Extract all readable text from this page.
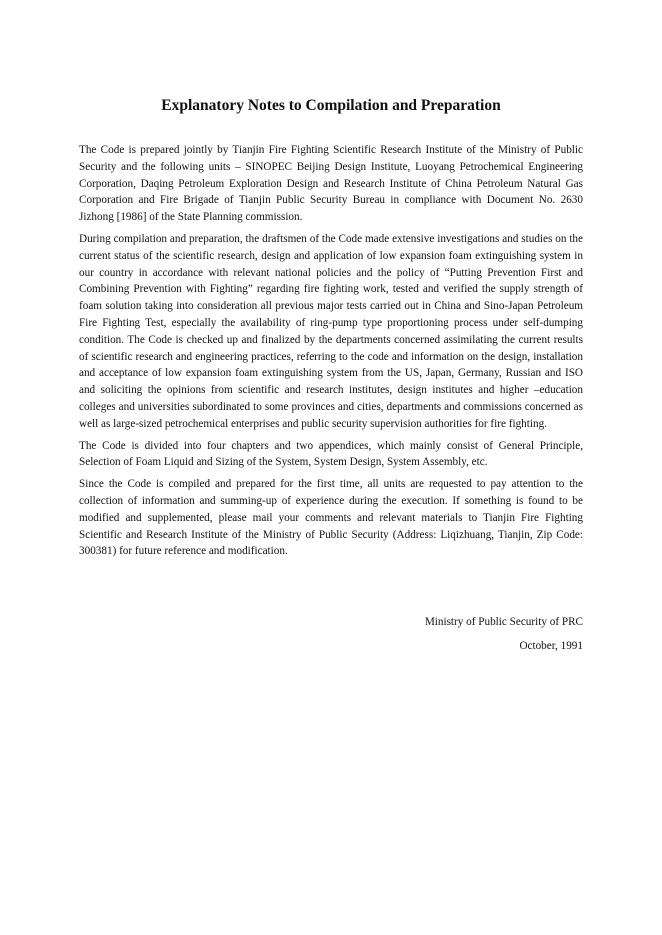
Explanatory Notes to Compilation and Preparation

The Code is prepared jointly by Tianjin Fire Fighting Scientific Research Institute of the Ministry of Public Security and the following units – SINOPEC Beijing Design Institute, Luoyang Petrochemical Engineering Corporation, Daqing Petroleum Exploration Design and Research Institute of China Petroleum Natural Gas Corporation and Fire Brigade of Tianjin Public Security Bureau in compliance with Document No. 2630 Jizhong [1986] of the State Planning commission.

During compilation and preparation, the draftsmen of the Code made extensive investigations and studies on the current status of the scientific research, design and application of low expansion foam extinguishing system in our country in accordance with relevant national policies and the policy of “Putting Prevention First and Combining Prevention with Fighting” regarding fire fighting work, tested and verified the supply strength of foam solution taking into consideration all previous major tests carried out in China and Sino-Japan Petroleum Fire Fighting Test, especially the availability of ring-pump type proportioning process under self-dumping condition. The Code is checked up and finalized by the departments concerned assimilating the current results of scientific research and engineering practices, referring to the code and information on the design, installation and acceptance of low expansion foam extinguishing system from the US, Japan, Germany, Russian and ISO and soliciting the opinions from scientific and research institutes, design institutes and higher –education colleges and universities subordinated to some provinces and cities, departments and commissions concerned as well as large-sized petrochemical enterprises and public security supervision authorities for fire fighting.

The Code is divided into four chapters and two appendices, which mainly consist of General Principle, Selection of Foam Liquid and Sizing of the System, System Design, System Assembly, etc.

Since the Code is compiled and prepared for the first time, all units are requested to pay attention to the collection of information and summing-up of experience during the execution. If something is found to be modified and supplemented, please mail your comments and relevant materials to Tianjin Fire Fighting Scientific and Research Institute of the Ministry of Public Security (Address: Liqizhuang, Tianjin, Zip Code: 300381) for future reference and modification.

Ministry of Public Security of PRC
October, 1991
